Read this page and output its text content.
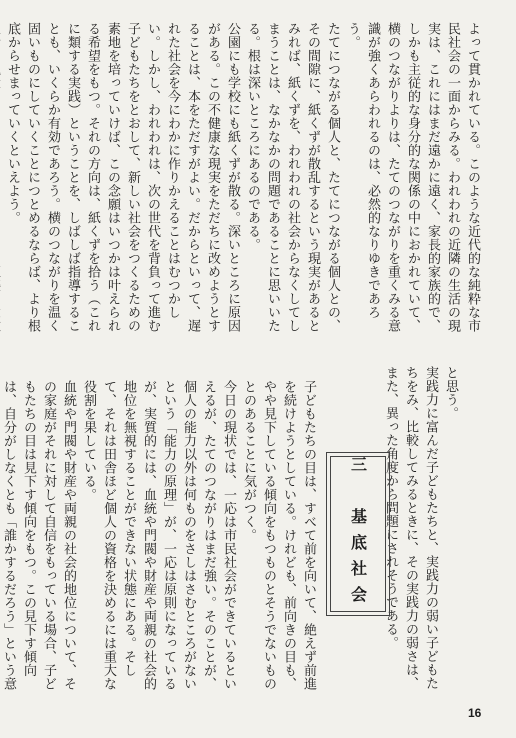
よって貫かれている。このような近代的な純粋な市民社会の一面からみる。われわれの近隣の生活の現実は、これにはまだ遠かに遠く、家長的家族的で、しかも主従的な身分的な関係の中におかれていて、横のつながりよりは、たてのつながりを重くみる意識が強くあらわれるのは、必然的なりゆきであろう。

たてにつながる個人と、たてにつながる個人との、その間隙に、紙くずが散乱するという現実があるとみれば、紙くずを、われわれの社会からなくしてしまうことは、なかなかの問題であることに思いいたる。根は深いところにあるのである。

公園にも学校にも紙くずが散る。深いところに原因がある。この不健康な現実をただちに改めようとすることは、本をただすがよい。だからといって、遅れた社会を今にわかに作りかえることはむつかしい。しかし、われわれは、次の世代を背負って進む子どもたちをとおして、新しい社会をつくるための素地を培っていけば、この念願はいつかは叶えられる希望をもつ。それの方向は、紙くずを拾う（これに類する実践）ということを、しばしば指導することも、いくらか有効であろう。横のつながりを温く固いものにしていくことにつとめるならば、より根底からせまっていくといえよう。

と思う。

実践力に富んだ子どもたちと、実践力の弱い子どもたちをみ、比較してみるときに、その実践力の弱さは、また、異った角度から問題にされそうである。

三　基底社会

子どもたちの目は、すべて前を向いて、絶えず前進を続けようとしている。けれども、前向きの目も、やや見下している傾向をもつものとそうでないものとのあることに気がつく。

今日の現状では、一応は市民社会ができているといえるが、たてのつながりはまだ強い。そのことが、個人の能力以外は何ものをさしはさむところがないという「能力の原理」が、一応は原則になっているが、実質的には、血統や門閥や財産や両親の社会的地位を無視することができない状態にある。そして、それは田舎ほど個人の資格を決めるには重大な役割を果している。

血統や門閥や財産や両親の社会的地位について、その家庭がそれに対して自信をもっている場合、子どもたちの目は見下す傾向をもつ。この見下す傾向は、自分がしなくとも「誰かするだろう」という意

16
